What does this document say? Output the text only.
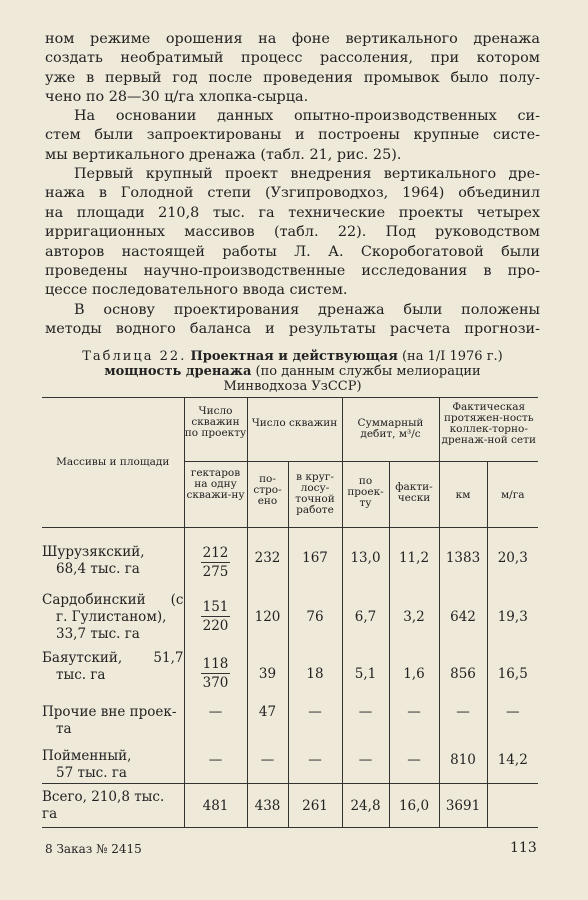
ном режиме орошения на фоне вертикального дренажа
создать необратимый процесс рассоления, при котором
уже в первый год после проведения промывок было полу-
чено по 28—30 ц/га хлопка-сырца.
На основании данных опытно-производственных си-
стем были запроектированы и построены крупные систе-
мы вертикального дренажа (табл. 21, рис. 25).
Первый крупный проект внедрения вертикального дре-
нажа в Голодной степи (Узгипроводхоз, 1964) объединил
на площади 210,8 тыс. га технические проекты четырех
ирригационных массивов (табл. 22). Под руководством
авторов настоящей работы Л. А. Скоробогатовой были
проведены научно-производственные исследования в про-
цессе последовательного ввода систем.
В основу проектирования дренажа были положены
методы водного баланса и результаты расчета прогнози-
Таблица 22. Проектная и действующая (на 1/I 1976 г.)
мощность дренажа (по данным службы мелиорации
Минводхоза УзССР)
Массивы и площади	Число скважин по проекту	Число скважин		Суммарный дебит, м³/с		Фактическая протяжен-ность коллек-торно-дренаж-ной сети	
	гектаров на одну скважи-ну	по-стро-ено	в круг-лосу-точной работе	по проек-ту	факти-чески	км	м/га
Шурузякский,
68,4 тыс. га	$\frac{212}{275}$	232	167	13,0	11,2	1383	20,3

Сардобинский (с
г. Гулистаном),
33,7 тыс. га	$\frac{151}{220}$	120	76	6,7	3,2	642	19,3

Баяутский, 51,7
тыс. га	$\frac{118}{370}$	39	18	5,1	1,6	856	16,5
Прочие вне проек-
та	—	47	—	—	—	—	—
Пойменный,
57 тыс. га	—	—	—	—	—	810	14,2
Всего, 210,8 тыс. га	481	438	261	24,8	16,0	3691	
8 Заказ № 2415	113
